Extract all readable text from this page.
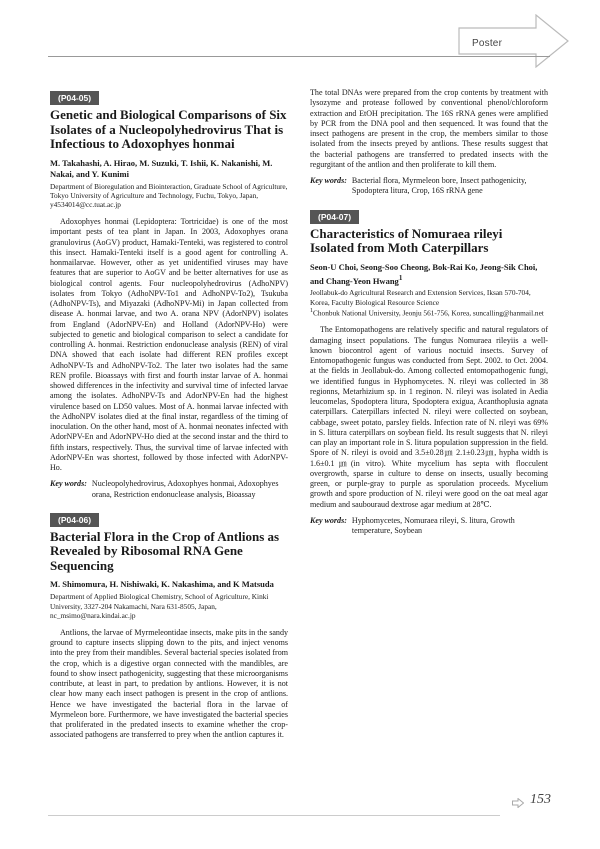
Poster
(P04-05)
Genetic and Biological Comparisons of Six Isolates of a Nucleopolyhedrovirus That is Infectious to Adoxophyes honmai

M. Takahashi, A. Hirao, M. Suzuki, T. Ishii, K. Nakanishi, M. Nakai, and Y. Kunimi

Department of Bioregulation and Biointeraction, Graduate School of Agriculture, Tokyo University of Agriculture and Technology, Fuchu, Tokyo, Japan, y4534014@cc.tuat.ac.jp

Adoxophyes honmai (Lepidoptera: Tortricidae) is one of the most important pests of tea plant in Japan. In 2003, Adoxophyes orana granulovirus (AoGV) product, Hamaki-Tenteki, was registered to control this insect. Hamaki-Tenteki itself is a good agent for controlling A. honmailarvae. However, other as yet unidentified viruses may have features that are superior to AoGV and be better alternatives for use as biological control agents. Four nucleopolyhedrovirus (AdhoNPV) isolates from Tokyo (AdhoNPV-To1 and AdhoNPV-To2), Tsukuba (AdhoNPV-Ts), and Miyazaki (AdhoNPV-Mi) in Japan collected from disease A. honmai larvae, and two A. orana NPV (AdorNPV) isolates from England (AdorNPV-En) and Holland (AdorNPV-Ho) were subjected to genetic and biological comparison to select a candidate for controlling A. honmai. Restriction endonuclease analysis (REN) of viral DNA showed that each isolate had different REN profiles except AdhoNPV-Ts and AdhoNPV-To2. The later two isolates had the same REN profile. Bioassays with first and fourth instar larvae of A. honmai showed differences in the infectivity and survival time of infected larvae among the isolates. AdhoNPV-Ts and AdorNPV-En had the highest virulence based on LD50 values. Most of A. honmai larvae infected with the AdhoNPV isolates died at the final instar, regardless of the timing of inoculation. On the other hand, most of A. honmai neonates infected with AdorNPV-En and AdorNPV-Ho died at the second instar and the third to fifth instars, respectively. Thus, the survival time of larvae infected with AdorNPV-En was shortest, followed by those infected with AdorNPV-Ho.

Key words: Nucleopolyhedrovirus, Adoxophyes honmai, Adoxophyes orana, Restriction endonuclease analysis, Bioassay
(P04-06)
Bacterial Flora in the Crop of Antlions as Revealed by Ribosomal RNA Gene Sequencing

M. Shimomura, H. Nishiwaki, K. Nakashima, and K Matsuda

Department of Applied Biological Chemistry, School of Agriculture, Kinki University, 3327-204 Nakamachi, Nara 631-8505, Japan, nc_msimo@nara.kindai.ac.jp

Antlions, the larvae of Myrmeleontidae insects, make pits in the sandy ground to capture insects slipping down to the pits, and inject venoms into the prey from their mandibles. Several bacterial species isolated from the crop, which is a digestive organ connected with the mandibles, are found to show insect pathogenicity, suggesting that these microorganisms contribute, at least in part, to predation by antlions. However, it is not clear how many each insect pathogen is present in the crop of antlions. Hence we have investigated the bacterial flora in the larvae of Myrmeleon bore. Furthermore, we have investigated the bacterial species that proliferated in the predated insects to examine whether the crop-associated pathogens are transferred to prey when the antlion captures it.

The total DNAs were prepared from the crop contents by treatment with lysozyme and protease followed by conventional phenol/chloroform extraction and EtOH precipitation. The 16S rRNA genes were amplified by PCR from the DNA pool and then sequenced. It was found that the insect pathogens are present in the crop, the members similar to those isolated from the insects preyed by antlions. These results suggest that the bacterial pathogens are transferred to predated insects with the regurgitant of the antlion and then proliferate to kill them.

Key words: Bacterial flora, Myrmeleon bore, Insect pathogenicity, Spodoptera litura, Crop, 16S rRNA gene
(P04-07)
Characteristics of Nomuraea rileyi Isolated from Moth Caterpillars

Seon-U Choi, Seong-Soo Cheong, Bok-Rai Ko, Jeong-Sik Choi, and Chang-Yeon Hwang$^1$

Jeollabuk-do Agricultural Research and Extension Services, Iksan 570-704, Korea, Faculty Biological Resource Science
$^1$Chonbuk National University, Jeonju 561-756, Korea, suncalling@hanmail.net

The Entomopathogens are relatively specific and natural regulators of damaging insect populations. The fungus Nomuraea rileyiis a well-known biocontrol agent of various noctuid insects. Survey of Entomopathogenic fungus was conducted from Sept. 2002. to Oct. 2004. at the fields in Jeollabuk-do. Among collected entomopathogenic fungi, we identified fungus in Hyphomycetes. N. rileyi was collected in 38 regionns, Metarhizium sp. in 1 reginon. N. rileyi was isolated in Aedia leucomelas, Spodoptera litura, Spodoptera exigua, Acanthoplusia agnata caterpillars. Caterpillars infected N. rileyi were collected on soybean, cabbage, sweet potato, parsley fields. Infection rate of N. rileyi was 69% in S. littura caterpillars on soybean field. Its result suggests that N. rileyi can play an important role in S. litura population suppression in the field. Spore of N. rileyi is ovoid and 3.5±0.28㎛ 2.1±0.23㎛, hypha width is 1.6±0.1㎛(in vitro). White mycelium has septa with flocculent overgrowth, sparse in culture to dense on insects, usually becoming green, or purple-gray to purple as sporulation proceeds. Mycelium growth and spore production of N. rileyi were good on the oat meal agar medium and saubouraud dextrose agar medium at 28℃.

Key words: Hyphomycetes, Nomuraea rileyi, S. litura, Growth temperature, Soybean
153
